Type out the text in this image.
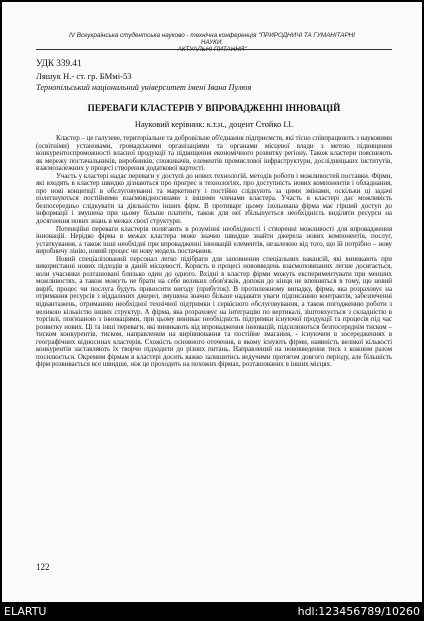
IV Всеукраїнська студентська науково - технічна конференція "ПРИРОДНИЧІ ТА ГУМАНІТАРНІ НАУКИ.
АКТУАЛЬНІ ПИТАННЯ"
УДК 339.41
Ляшук Н.- ст. гр. БМмі-53
Тернопільський національний університет імені Івана Пулюя
ПЕРЕВАГИ КЛАСТЕРІВ У ВПРОВАДЖЕННІ ІННОВАЦІЙ
Науковий керівник: к.т.н., доцент Стойко І.І.

Кластер – це галузеве, територіальне та добровільне об'єднання підприємств, які тісно співпрацюють з науковими (освітніми) установами, громадськими організаціями та органами місцевої влади з метою підвищення конкурентоспроможності власної продукції та підвищення економічного розвитку регіону. Також кластери пояснюють як мережу постачальників, виробників, споживачів, елементів промислової інфраструктури, дослідницьких інститутів, взаємозалежних у процесі створення додаткової вартості.

Участь у кластері надає переваги у доступі до нових технологій, методів роботи і можливостей поставки. Фірми, які входять в кластер швидко дізнаються про прогрес в технологіях, про доступність нових компонентів і обладнання, про нові концепції в обслуговуванні та маркетингу і постійно слідкують за цими змінами, оскільки ці задачі полегшуються постійними взаємовідносинами з іншими членами кластера. Участь в кластері дає можливість безпосередньо слідкувати за діяльністю інших фірм. В противарг цьому ізольована фірма має гірший доступ до інформації і змушена при цьому більше платити, також для неї збільшується необхідність виділяти ресурси на досягнення нових знань в межах своєї структури.

Потенційні переваги кластерів полягають в розумінні необхідності і створенні можливості для впровадження інновацій. Нерідко фірма в межах кластера може значно швидше знайти джерела нових компонентів, послуг, устаткування, а також інші необхідні при впровадженні інновацій елементів, незалежно від того, що їй потрібно – нову виробничу лінію, новий процес чи нову модель постачання.

Новий спеціалізований персонал легко підібрати для заповнення спеціальних вакансій, які виникають при використанні нових підходів в даній місцевості. Користь в процесі нововведень взаємоповязаних легше досягається, коли учасники розташовані близько один до одного. Вхідні в кластер фірми можуть експериментувати при менших можливостях, а також можуть не брати на себе великих обов'язків, допоки до кінця не впевняться в тому, що новий виріб, процес чи послуга будуть приносити вигоду (прибуток). В протилежному випадку, фірма, яка розраховує на отримання ресурсів з віддалених джерел, змушена значно більше надавати уваги підписанню контрактів, забезпеченні відвантажень, отриманню необхідної технічної підтримки і сервісного обслуговування, а також погодженню роботи з великою кількістю інших структур. А фірма, яка розраховує на інтеграцію по вертикалі, зіштовхується з складністю в торгівлі, пов'язаною з інноваціями, при цьому виникає необхідність підтримки існуючої продукції та процесів під час розвитку нових. Ці та інші переваги, які виникають від впровадження інновацій, підсилюються безпосереднім тиском – тиском конкурентів, тиском, направленим на вирівнювання та постійне змагання, - існуючим в зосередженнях в географічних відносинах кластерів. Схожість основного оточення, в якому існують фірми, наявність великої кількості конкурентів заставляють їх творчо підходити до різних питань. Направлений на нововведення тиск з кожним разом посилюється. Окремим фірмам в кластері досить важко залишитись ведучими протягом довгого періоду, але більшість фірм розвивається все швидше, ніж це проходить на похожих фірмах, розташованих в інших місцях.

122
ELARTU	hdl:123456789/10260
